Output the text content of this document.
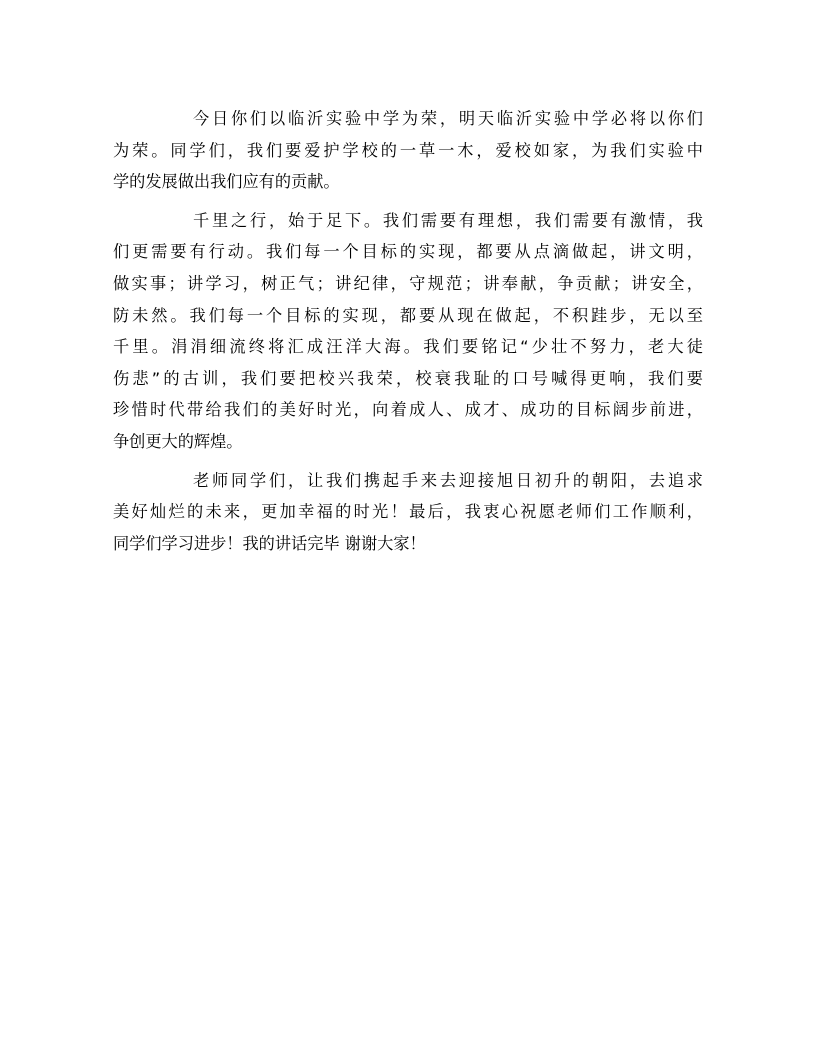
今日你们以临沂实验中学为荣，明天临沂实验中学必将以你们
为荣。同学们，我们要爱护学校的一草一木，爱校如家，为我们实验中
学的发展做出我们应有的贡献。
千里之行，始于足下。我们需要有理想，我们需要有激情，我
们更需要有行动。我们每一个目标的实现，都要从点滴做起，讲文明，
做实事；讲学习，树正气；讲纪律，守规范；讲奉献，争贡献；讲安全，
防未然。我们每一个目标的实现，都要从现在做起，不积跬步，无以至
千里。涓涓细流终将汇成汪洋大海。我们要铭记“少壮不努力，老大徒
伤悲”的古训，我们要把校兴我荣，校衰我耻的口号喊得更响，我们要
珍惜时代带给我们的美好时光，向着成人、成才、成功的目标阔步前进，
争创更大的辉煌。
老师同学们，让我们携起手来去迎接旭日初升的朝阳，去追求
美好灿烂的未来，更加幸福的时光！最后，我衷心祝愿老师们工作顺利，
同学们学习进步！我的讲话完毕 谢谢大家！
